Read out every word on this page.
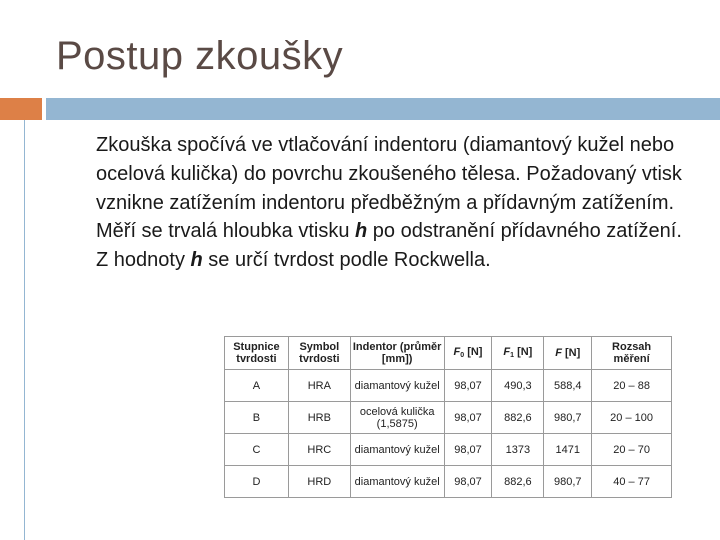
Postup zkoušky

Zkouška spočívá ve vtlačování indentoru (diamantový kužel nebo ocelová kulička) do povrchu zkoušeného tělesa. Požadovaný vtisk vznikne zatížením indentoru předběžným a přídavným zatížením. Měří se trvalá hloubka vtisku h po odstranění přídavného zatížení. Z hodnoty h se určí tvrdost podle Rockwella.

Stupnice tvrdosti	Symbol tvrdosti	Indentor (průměr [mm])	$F_0$ [N]	$F_1$ [N]	F [N]	Rozsah měření
A	HRA	diamantový kužel	98,07	490,3	588,4	20 – 88
B	HRB	ocelová kulička (1,5875)	98,07	882,6	980,7	20 – 100
C	HRC	diamantový kužel	98,07	1373	1471	20 – 70
D	HRD	diamantový kužel	98,07	882,6	980,7	40 – 77
